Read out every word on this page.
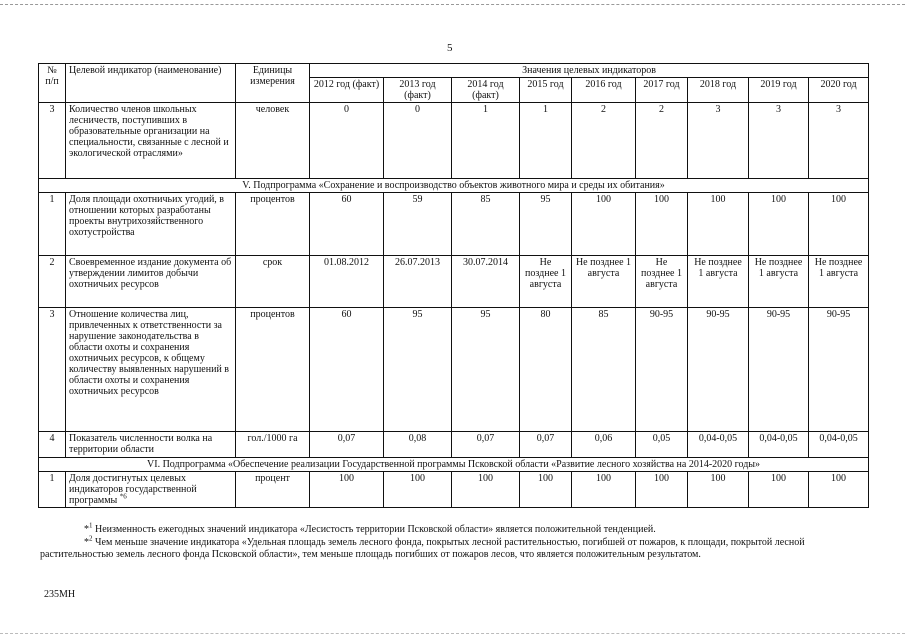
5
№ п/п	Целевой индикатор (наименование)	Единицы измерения	Значения целевых индикаторов								
			2012 год (факт)	2013 год (факт)	2014 год (факт)	2015 год	2016 год	2017 год	2018 год	2019 год	2020 год
3	Количество членов школьных лесничеств, поступивших в образовательные организации на специальности, связанные с лесной и экологической отраслями»	человек	0	0	1	1	2	2	3	3	3
V. Подпрограмма «Сохранение и воспроизводство объектов животного мира и среды их обитания»											
1	Доля площади охотничьих угодий, в отношении которых разработаны проекты внутрихозяйственного охотустройства	процентов	60	59	85	95	100	100	100	100	100
2	Своевременное издание документа об утверждении лимитов добычи охотничьих ресурсов	срок	01.08.2012	26.07.2013	30.07.2014	Не позднее 1 августа	Не позднее 1 августа	Не позднее 1 августа	Не позднее 1 августа	Не позднее 1 августа	Не позднее 1 августа
3	Отношение количества лиц, привлеченных к ответственности за нарушение законодательства в области охоты и сохранения охотничьих ресурсов, к общему количеству выявленных нарушений в области охоты и сохранения охотничьих ресурсов	процентов	60	95	95	80	85	90-95	90-95	90-95	90-95
4	Показатель численности волка на территории области	гол./1000 га	0,07	0,08	0,07	0,07	0,06	0,05	0,04-0,05	0,04-0,05	0,04-0,05
VI. Подпрограмма «Обеспечение реализации Государственной программы Псковской области «Развитие лесного хозяйства на 2014-2020 годы»											
1	Доля достигнутых целевых индикаторов государственной программы $^{*6}$	процент	100	100	100	100	100	100	100	100	100
*$^1$ Неизменность ежегодных значений индикатора «Лесистость территории Псковской области» является положительной тенденцией.
*$^2$ Чем меньше значение индикатора «Удельная площадь земель лесного фонда, покрытых лесной растительностью, погибшей от пожаров, к площади, покрытой лесной растительностью земель лесного фонда Псковской области», тем меньше площадь погибших от пожаров лесов, что является положительным результатом.
235МН
